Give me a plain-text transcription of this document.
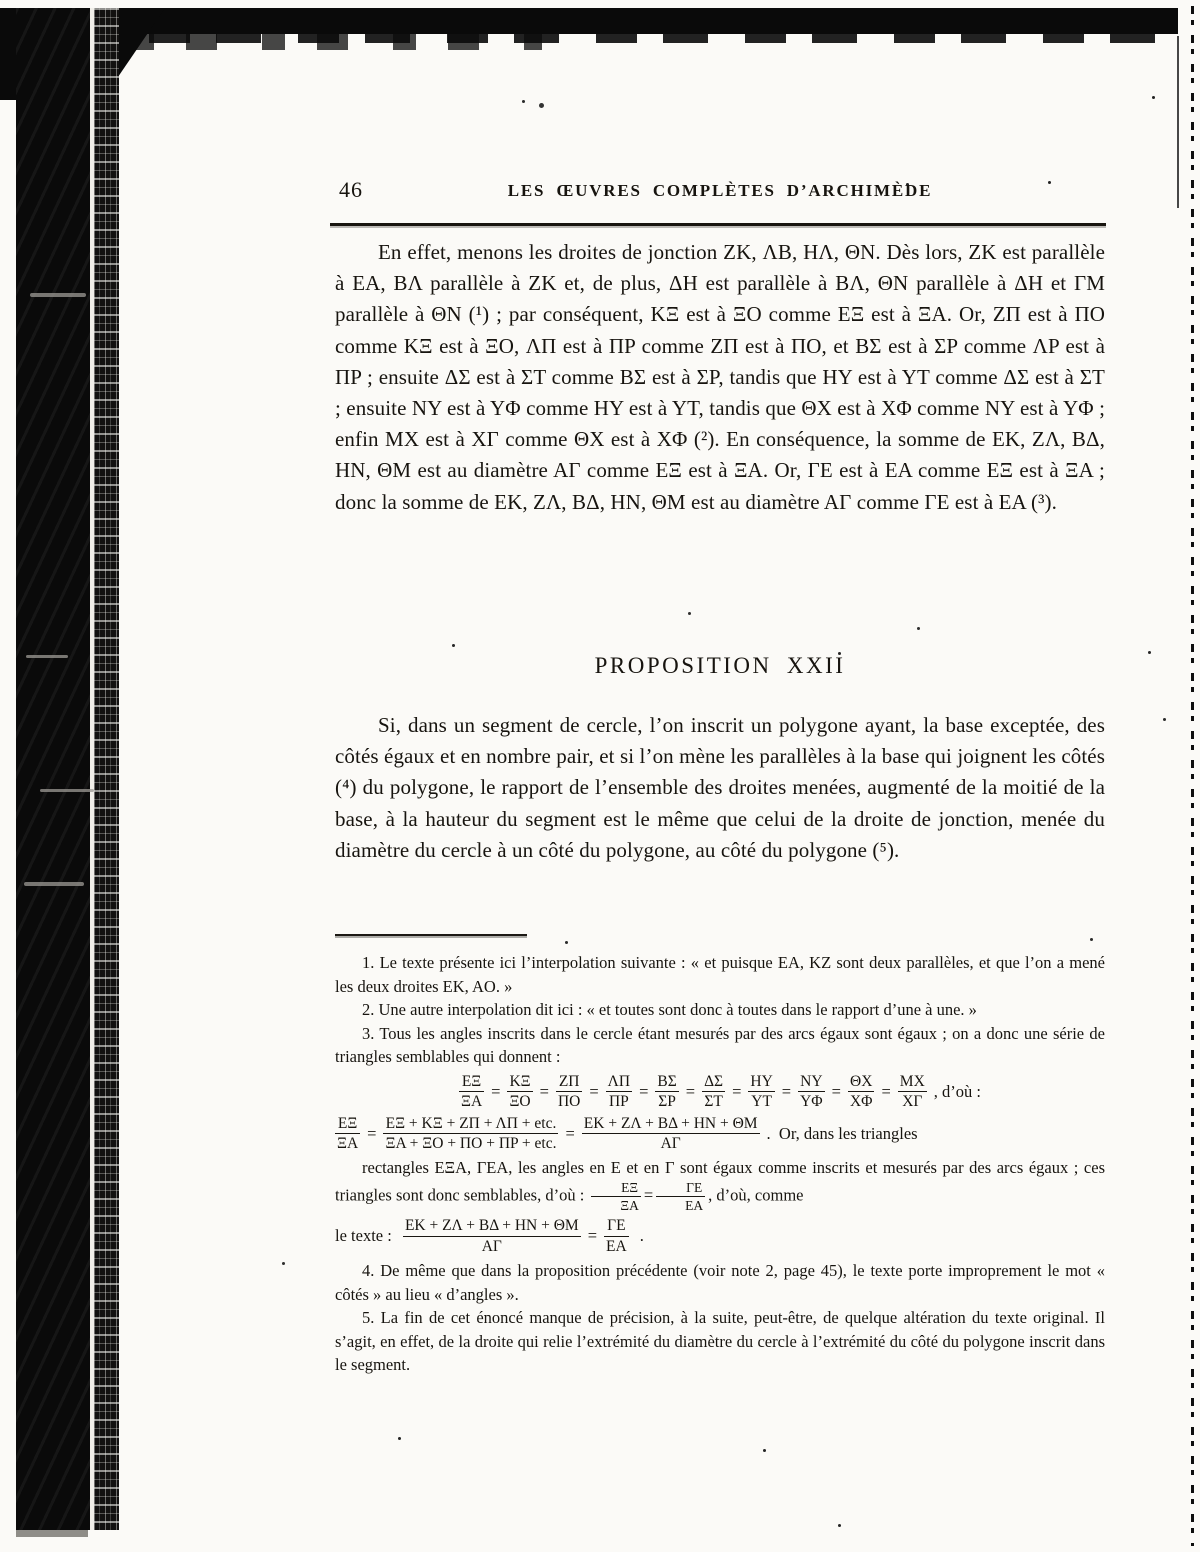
46	LES ŒUVRES COMPLÈTES D’ARCHIMÈDE

En effet, menons les droites de jonction ZK, ΛB, HΛ, ΘN. Dès lors, ZK est parallèle à EA, BΛ parallèle à ZK et, de plus, ΔH est parallèle à BΛ, ΘN parallèle à ΔH et ΓM parallèle à ΘN (¹) ; par conséquent, KΞ est à ΞO comme EΞ est à ΞA. Or, ZΠ est à ΠO comme KΞ est à ΞO, ΛΠ est à ΠP comme ZΠ est à ΠO, et BΣ est à ΣP comme ΛP est à ΠP ; ensuite ΔΣ est à ΣT comme BΣ est à ΣP, tandis que HY est à YT comme ΔΣ est à ΣT ; ensuite NY est à YΦ comme HY est à YT, tandis que ΘX est à XΦ comme NY est à YΦ ; enfin MX est à XΓ comme ΘX est à XΦ (²). En conséquence, la somme de EK, ZΛ, BΔ, HN, ΘM est au diamètre AΓ comme EΞ est à ΞA. Or, ΓE est à EA comme EΞ est à ΞA ; donc la somme de EK, ZΛ, BΔ, HN, ΘM est au diamètre AΓ comme ΓE est à EA (³).

PROPOSITION XXII

Si, dans un segment de cercle, l’on inscrit un polygone ayant, la base exceptée, des côtés égaux et en nombre pair, et si l’on mène les parallèles à la base qui joignent les côtés (⁴) du polygone, le rapport de l’ensemble des droites menées, augmenté de la moitié de la base, à la hauteur du segment est le même que celui de la droite de jonction, menée du diamètre du cercle à un côté du polygone, au côté du polygone (⁵).

1. Le texte présente ici l’interpolation suivante : « et puisque EA, KZ sont deux parallèles, et que l’on a mené les deux droites EK, AO. »

2. Une autre interpolation dit ici : « et toutes sont donc à toutes dans le rapport d’une à une. »

3. Tous les angles inscrits dans le cercle étant mesurés par des arcs égaux sont égaux ; on a donc une série de triangles semblables qui donnent :

$\frac{E\Xi}{\Xi A} = \frac{K\Xi}{\Xi O} = \frac{Z\Pi}{\Pi O} = \frac{\Lambda\Pi}{\Pi P} = \frac{B\Sigma}{\Sigma P} = \frac{\Delta\Sigma}{\Sigma T} = \frac{HY}{YT} = \frac{NY}{Y\Phi} = \frac{\Theta X}{X\Phi} = \frac{MX}{X\Gamma}$ , d’où :
$\frac{E\Xi}{\Xi A} = \frac{\text{EΞ + KΞ + ZΠ + ΛΠ + etc.}}{\text{ΞA + ΞO + ΠO + ΠP + etc.}} = \frac{EK + Z\Lambda + B\Delta + HN + \Theta M}{A\Gamma}$ .  Or, dans les triangles
rectangles EΞA, ΓEA, les angles en E et en Γ sont égaux comme inscrits et mesurés par des arcs égaux ; ces triangles sont donc semblables, d’où : $\frac{E\Xi}{\Xi A} = \frac{\Gamma E}{EA}$ , d’où, comme
le texte : $\frac{EK + Z\Lambda + B\Delta + HN + \Theta M}{A\Gamma} = \frac{\Gamma E}{EA}$ .

4. De même que dans la proposition précédente (voir note 2, page 45), le texte porte improprement le mot « côtés » au lieu « d’angles ».

5. La fin de cet énoncé manque de précision, à la suite, peut-être, de quelque altération du texte original. Il s’agit, en effet, de la droite qui relie l’extrémité du diamètre du cercle à l’extrémité du côté du polygone inscrit dans le segment.
